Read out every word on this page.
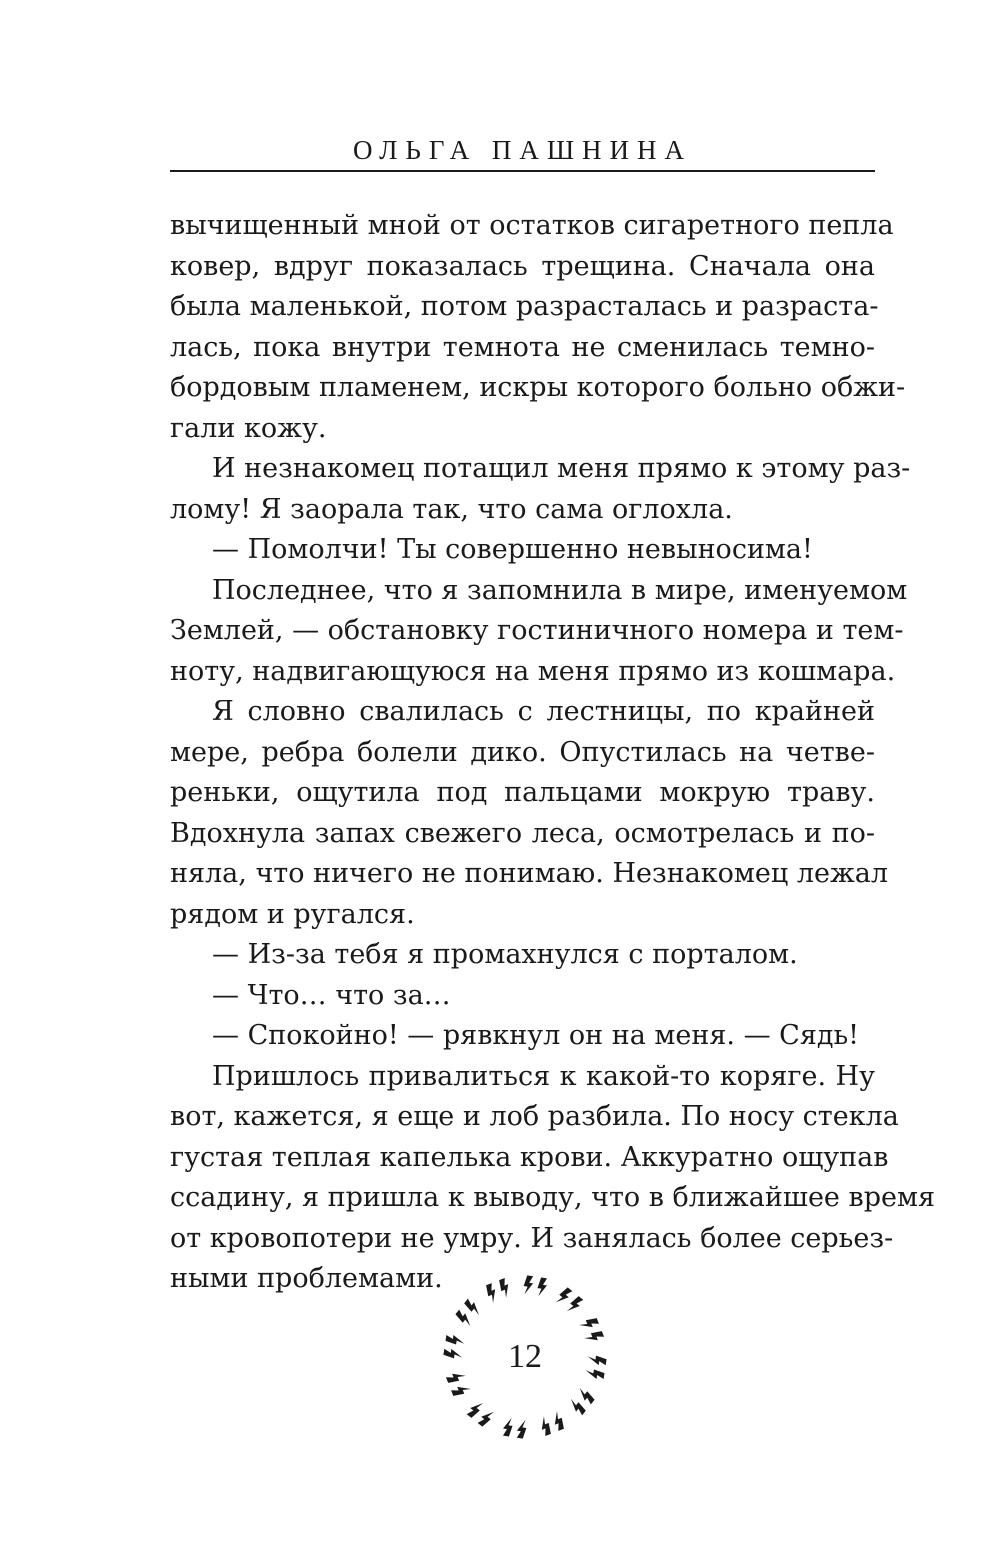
ОЛЬГА ПАШНИНА
вычищенный мной от остатков сигаретного пепла
ковер, вдруг показалась трещина. Сначала она
была маленькой, потом разрасталась и разраста-
лась, пока внутри темнота не сменилась темно-
бордовым пламенем, искры которого больно обжи-
гали кожу.
И незнакомец потащил меня прямо к этому раз-
лому! Я заорала так, что сама оглохла.
— Помолчи! Ты совершенно невыносима!
Последнее, что я запомнила в мире, именуемом
Землей, — обстановку гостиничного номера и тем-
ноту, надвигающуюся на меня прямо из кошмара.
Я словно свалилась с лестницы, по крайней
мере, ребра болели дико. Опустилась на четве-
реньки, ощутила под пальцами мокрую траву.
Вдохнула запах свежего леса, осмотрелась и по-
няла, что ничего не понимаю. Незнакомец лежал
рядом и ругался.
— Из-за тебя я промахнулся с порталом.
— Что… что за…
— Спокойно! — рявкнул он на меня. — Сядь!
Пришлось привалиться к какой-то коряге. Ну
вот, кажется, я еще и лоб разбила. По носу стекла
густая теплая капелька крови. Аккуратно ощупав
ссадину, я пришла к выводу, что в ближайшее время
от кровопотери не умру. И занялась более серьез-
ными проблемами.
12
